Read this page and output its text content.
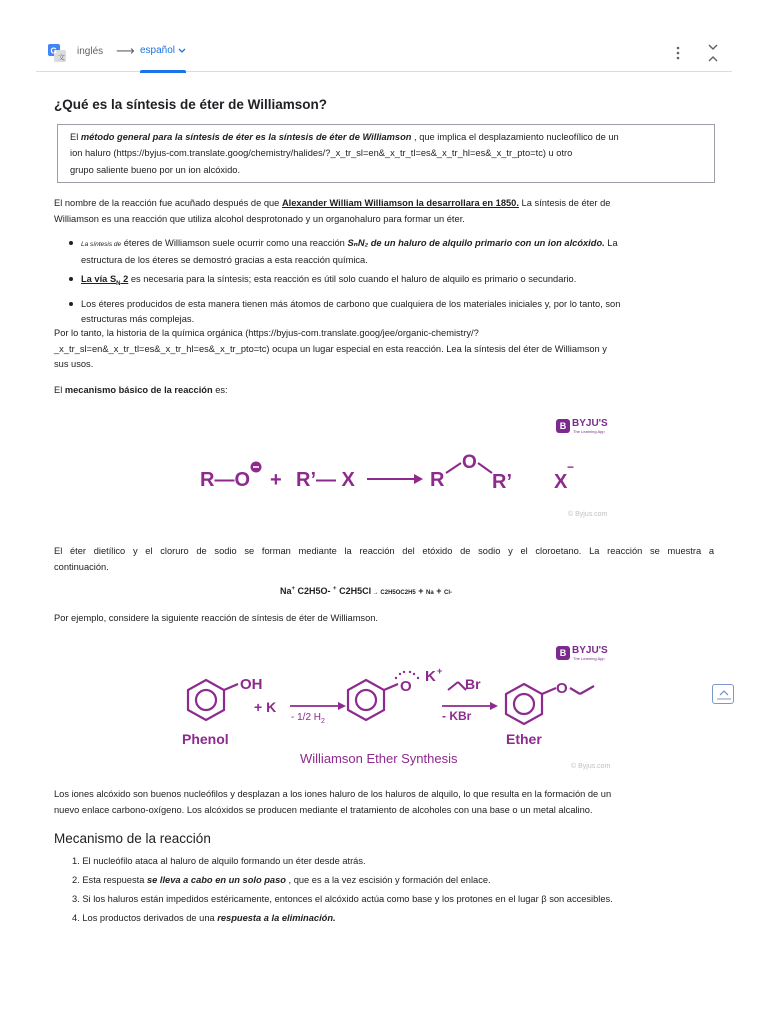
G
文
inglés ⟶ español
¿Qué es la síntesis de éter de Williamson?
El método general para la síntesis de éter es la síntesis de éter de Williamson , que implica el desplazamiento nucleofílico de un
ion haluro (https://byjus-com.translate.goog/chemistry/halides/?_x_tr_sl=en&_x_tr_tl=es&_x_tr_hl=es&_x_tr_pto=tc) u otro
grupo saliente bueno por un ion alcóxido.
El nombre de la reacción fue acuñado después de que Alexander William Williamson la desarrollara en 1850. La síntesis de éter de
Williamson es una reacción que utiliza alcohol desprotonado y un organohaluro para formar un éter.
La síntesis de éteres de Williamson suele ocurrir como una reacción SₙN₂ de un haluro de alquilo primario con un ion alcóxido. La
estructura de los éteres se demostró gracias a esta reacción química.
La vía $S_N$ 2 es necesaria para la síntesis; esta reacción es útil solo cuando el haluro de alquilo es primario o secundario.
Los éteres producidos de esta manera tienen más átomos de carbono que cualquiera de los materiales iniciales y, por lo tanto, son
estructuras más complejas.
Por lo tanto, la historia de la química orgánica (https://byjus-com.translate.goog/jee/organic-chemistry/?
_x_tr_sl=en&_x_tr_tl=es&_x_tr_hl=es&_x_tr_pto=tc) ocupa un lugar especial en esta reacción. Lea la síntesis del éter de Williamson y
sus usos.
El mecanismo básico de la reacción es:
B BYJU'S
The Learning App
R—O + R’— X	R
O
R’ X
−
© Byjus.com
El éter dietílico y el cloruro de sodio se forman mediante la reacción del etóxido de sodio y el cloroetano. La reacción se muestra a
continuación.
Na+ C2H5O- + C2H5Cl → C2H5OC2H5 + Na + Cl-
Por ejemplo, considere la siguiente reacción de síntesis de éter de Williamson.
B BYJU'S
The Learning App
OH
+ K
- 1/2 $H_2$
O
K +
Br
- KBr
O
Phenol	Ether
Williamson Ether Synthesis
© Byjus.com
Los iones alcóxido son buenos nucleófilos y desplazan a los iones haluro de los haluros de alquilo, lo que resulta en la formación de un
nuevo enlace carbono-oxígeno. Los alcóxidos se producen mediante el tratamiento de alcoholes con una base o un metal alcalino.
Mecanismo de la reacción
1. El nucleófilo ataca al haluro de alquilo formando un éter desde atrás.
2. Esta respuesta se lleva a cabo en un solo paso , que es a la vez escisión y formación del enlace.
3. Si los haluros están impedidos estéricamente, entonces el alcóxido actúa como base y los protones en el lugar β son accesibles.
4. Los productos derivados de una respuesta a la eliminación.
